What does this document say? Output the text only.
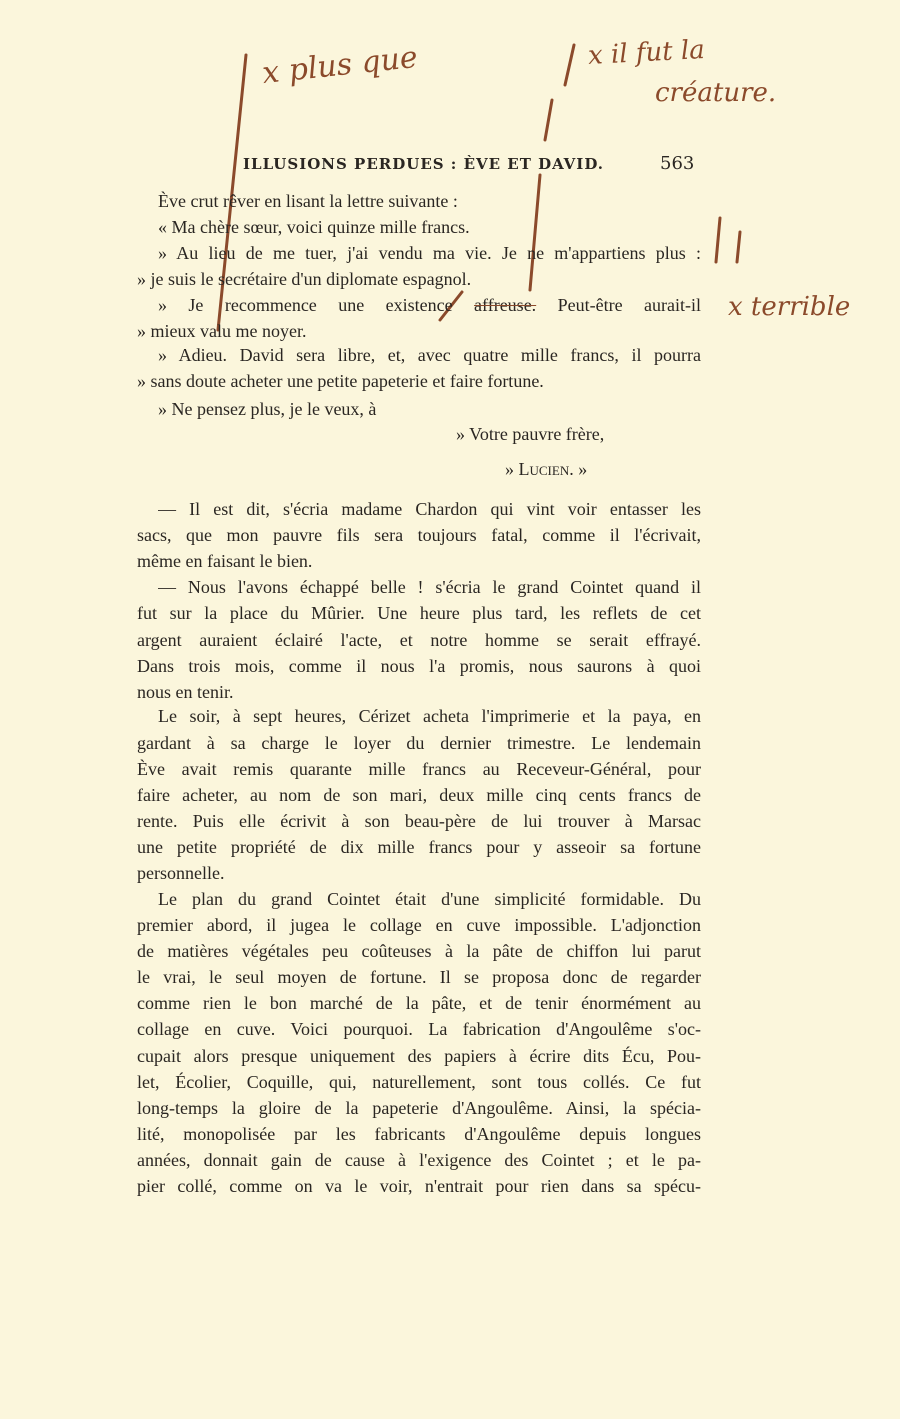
x plus que	x il fut la
créature.
x terrible
ILLUSIONS PERDUES : ÈVE ET DAVID.	563
Ève crut rêver en lisant la lettre suivante :
« Ma chère sœur, voici quinze mille francs.
» Au lieu de me tuer, j'ai vendu ma vie. Je ne m'appartiens plus :
» je suis le secrétaire d'un diplomate espagnol.
» Je recommence une existence affreuse. Peut-être aurait-il
» mieux valu me noyer.
» Adieu. David sera libre, et, avec quatre mille francs, il pourra
» sans doute acheter une petite papeterie et faire fortune.
» Ne pensez plus, je le veux, à
» Votre pauvre frère,
» Lucien. »
— Il est dit, s'écria madame Chardon qui vint voir entasser les
sacs, que mon pauvre fils sera toujours fatal, comme il l'écrivait,
même en faisant le bien.
— Nous l'avons échappé belle ! s'écria le grand Cointet quand il
fut sur la place du Mûrier. Une heure plus tard, les reflets de cet
argent auraient éclairé l'acte, et notre homme se serait effrayé.
Dans trois mois, comme il nous l'a promis, nous saurons à quoi
nous en tenir.
Le soir, à sept heures, Cérizet acheta l'imprimerie et la paya, en
gardant à sa charge le loyer du dernier trimestre. Le lendemain
Ève avait remis quarante mille francs au Receveur-Général, pour
faire acheter, au nom de son mari, deux mille cinq cents francs de
rente. Puis elle écrivit à son beau-père de lui trouver à Marsac
une petite propriété de dix mille francs pour y asseoir sa fortune
personnelle.
Le plan du grand Cointet était d'une simplicité formidable. Du
premier abord, il jugea le collage en cuve impossible. L'adjonction
de matières végétales peu coûteuses à la pâte de chiffon lui parut
le vrai, le seul moyen de fortune. Il se proposa donc de regarder
comme rien le bon marché de la pâte, et de tenir énormément au
collage en cuve. Voici pourquoi. La fabrication d'Angoulême s'oc-
cupait alors presque uniquement des papiers à écrire dits Écu, Pou-
let, Écolier, Coquille, qui, naturellement, sont tous collés. Ce fut
long-temps la gloire de la papeterie d'Angoulême. Ainsi, la spécia-
lité, monopolisée par les fabricants d'Angoulême depuis longues
années, donnait gain de cause à l'exigence des Cointet ; et le pa-
pier collé, comme on va le voir, n'entrait pour rien dans sa spécu-
